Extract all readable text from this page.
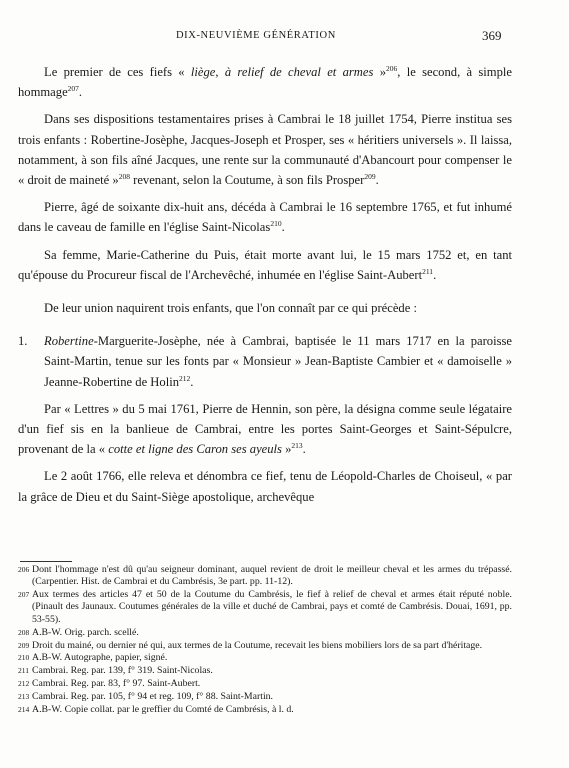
DIX-NEUVIÈME GÉNÉRATION	369

Le premier de ces fiefs « liège, à relief de cheval et armes »$^{206}$, le second, à simple hommage$^{207}$.

Dans ses dispositions testamentaires prises à Cambrai le 18 juillet 1754, Pierre institua ses trois enfants : Robertine-Josèphe, Jacques-Joseph et Prosper, ses « héritiers universels ». Il laissa, notamment, à son fils aîné Jacques, une rente sur la communauté d'Abancourt pour compenser le « droit de maineté »$^{208}$ revenant, selon la Coutume, à son fils Prosper$^{209}$.

Pierre, âgé de soixante dix-huit ans, décéda à Cambrai le 16 septembre 1765, et fut inhumé dans le caveau de famille en l'église Saint-Nicolas$^{210}$.

Sa femme, Marie-Catherine du Puis, était morte avant lui, le 15 mars 1752 et, en tant qu'épouse du Procureur fiscal de l'Archevêché, inhumée en l'église Saint-Aubert$^{211}$.

De leur union naquirent trois enfants, que l'on connaît par ce qui précède :

1.	Robertine-Marguerite-Josèphe, née à Cambrai, baptisée le 11 mars 1717 en la paroisse Saint-Martin, tenue sur les fonts par « Monsieur » Jean-Baptiste Cambier et « damoiselle » Jeanne-Robertine de Holin$^{212}$.

Par « Lettres » du 5 mai 1761, Pierre de Hennin, son père, la désigna comme seule légataire d'un fief sis en la banlieue de Cambrai, entre les portes Saint-Georges et Saint-Sépulcre, provenant de la « cotte et ligne des Caron ses ayeuls »$^{213}$.

Le 2 août 1766, elle releva et dénombra ce fief, tenu de Léopold-Charles de Choiseul, « par la grâce de Dieu et du Saint-Siège apostolique, archevêque

206 Dont l'hommage n'est dû qu'au seigneur dominant, auquel revient de droit le meilleur cheval et les armes du trépassé. (Carpentier. Hist. de Cambrai et du Cambrésis, 3e part. pp. 11-12).
207 Aux termes des articles 47 et 50 de la Coutume du Cambrésis, le fief à relief de cheval et armes était réputé noble. (Pinault des Jaunaux. Coutumes générales de la ville et duché de Cambrai, pays et comté de Cambrésis. Douai, 1691, pp. 53-55).
208 A.B-W. Orig. parch. scellé.
209 Droit du mainé, ou dernier né qui, aux termes de la Coutume, recevait les biens mobiliers lors de sa part d'héritage.
210 A.B-W. Autographe, papier, signé.
211 Cambrai. Reg. par. 139, f° 319. Saint-Nicolas.
212 Cambrai. Reg. par. 83, f° 97. Saint-Aubert.
213 Cambrai. Reg. par. 105, f° 94 et reg. 109, f° 88. Saint-Martin.
214 A.B-W. Copie collat. par le greffier du Comté de Cambrésis, à l. d.
